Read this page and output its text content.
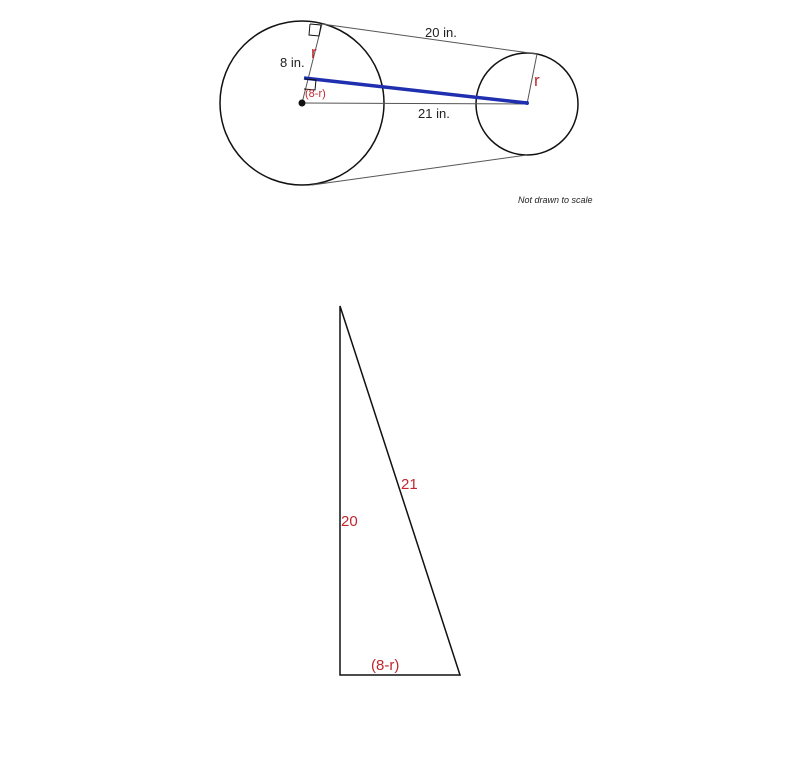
20 in.
8 in.
r
r
(8-r)
21 in.
Not drawn to scale
20
21
(8-r)
